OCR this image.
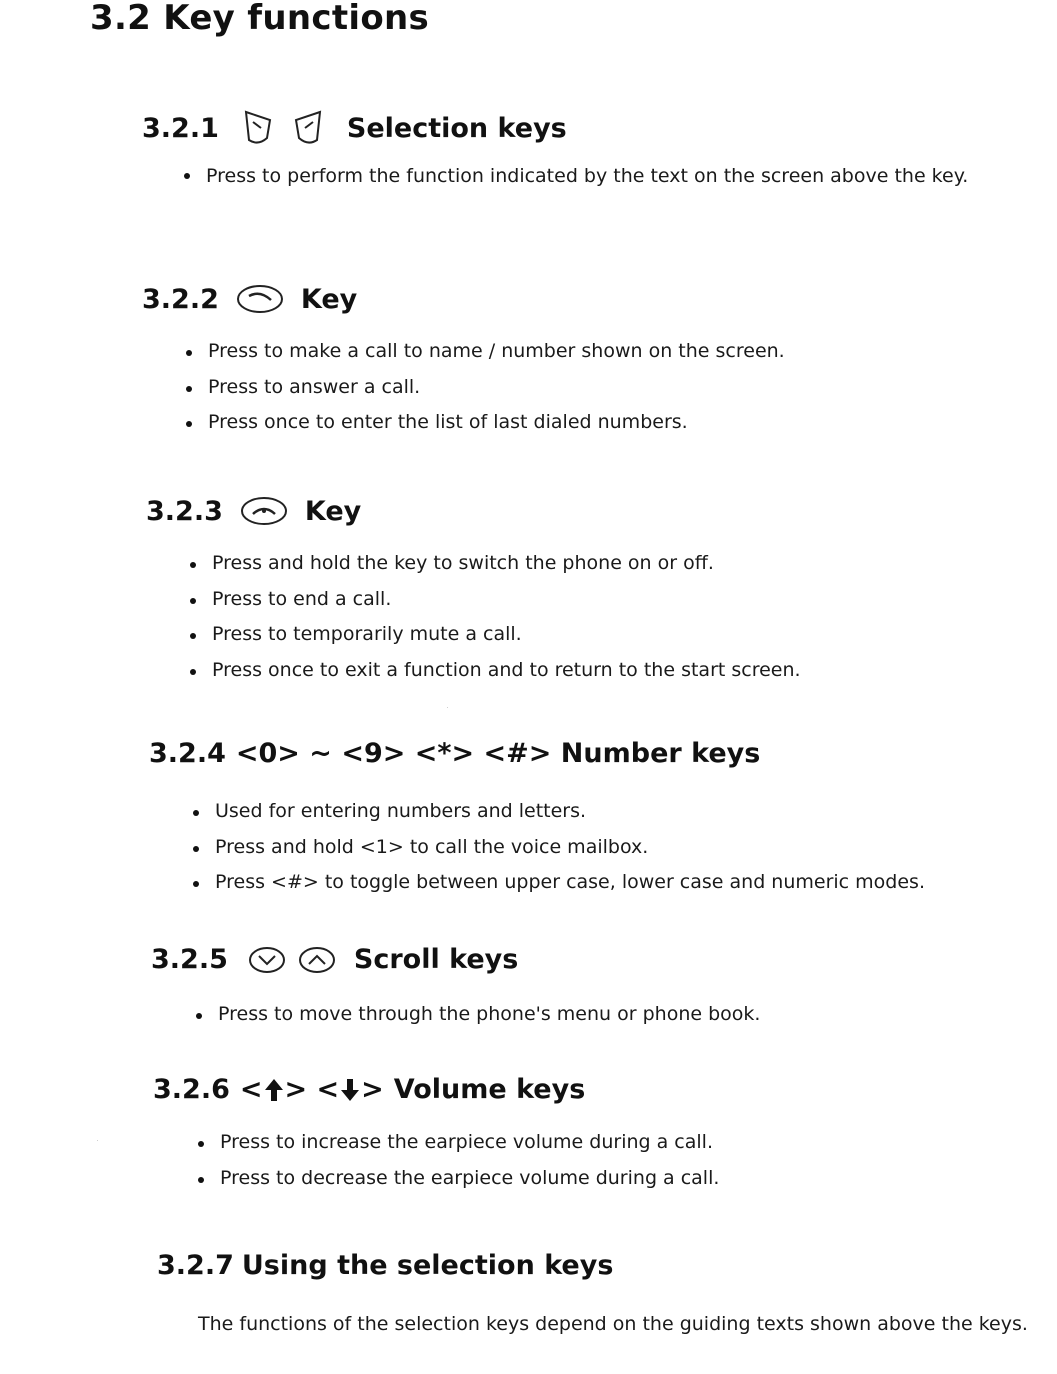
3.2 Key functions
3.2.1	Selection keys
Press to perform the function indicated by the text on the screen above the key.
3.2.2	Key
Press to make a call to name / number shown on the screen.
Press to answer a call.
Press once to enter the list of last dialed numbers.
3.2.3	Key
Press and hold the key to switch the phone on or off.
Press to end a call.
Press to temporarily mute a call.
Press once to exit a function and to return to the start screen.
3.2.4 <0> ~ <9> <*> <#> Number keys
Used for entering numbers and letters.
Press and hold <1> to call the voice mailbox.
Press <#> to toggle between upper case, lower case and numeric modes.
3.2.5	Scroll keys
Press to move through the phone's menu or phone book.
3.2.6 < > < > Volume keys
Press to increase the earpiece volume during a call.
Press to decrease the earpiece volume during a call.
3.2.7 Using the selection keys

The functions of the selection keys depend on the guiding texts shown above the keys.
